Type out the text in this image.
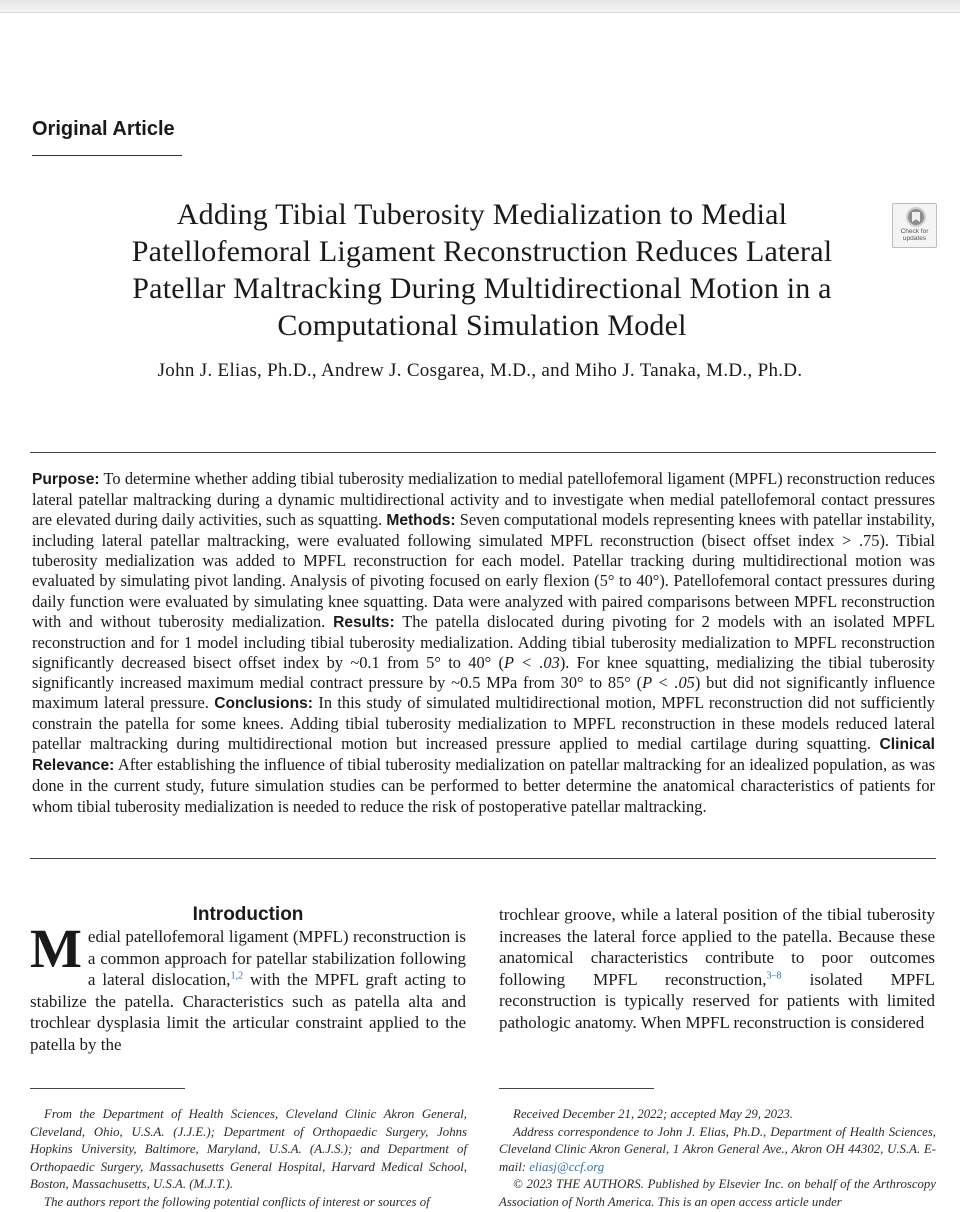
Original Article
Adding Tibial Tuberosity Medialization to Medial Patellofemoral Ligament Reconstruction Reduces Lateral Patellar Maltracking During Multidirectional Motion in a Computational Simulation Model
Check for
updates

John J. Elias, Ph.D., Andrew J. Cosgarea, M.D., and Miho J. Tanaka, M.D., Ph.D.

Purpose: To determine whether adding tibial tuberosity medialization to medial patellofemoral ligament (MPFL) reconstruction reduces lateral patellar maltracking during a dynamic multidirectional activity and to investigate when medial patellofemoral contact pressures are elevated during daily activities, such as squatting. Methods: Seven computational models representing knees with patellar instability, including lateral patellar maltracking, were evaluated following simulated MPFL reconstruction (bisect offset index > .75). Tibial tuberosity medialization was added to MPFL reconstruction for each model. Patellar tracking during multidirectional motion was evaluated by simulating pivot landing. Analysis of pivoting focused on early flexion (5° to 40°). Patellofemoral contact pressures during daily function were evaluated by simulating knee squatting. Data were analyzed with paired comparisons between MPFL reconstruction with and without tuberosity medialization. Results: The patella dislocated during pivoting for 2 models with an isolated MPFL reconstruction and for 1 model including tibial tuberosity medialization. Adding tibial tuberosity medialization to MPFL reconstruction significantly decreased bisect offset index by ~0.1 from 5° to 40° (P < .03). For knee squatting, medializing the tibial tuberosity significantly increased maximum medial contract pressure by ~0.5 MPa from 30° to 85° (P < .05) but did not significantly influence maximum lateral pressure. Conclusions: In this study of simulated multidirectional motion, MPFL reconstruction did not sufficiently constrain the patella for some knees. Adding tibial tuberosity medialization to MPFL reconstruction in these models reduced lateral patellar maltracking during multidirectional motion but increased pressure applied to medial cartilage during squatting. Clinical Relevance: After establishing the influence of tibial tuberosity medialization on patellar maltracking for an idealized population, as was done in the current study, future simulation studies can be performed to better determine the anatomical characteristics of patients for whom tibial tuberosity medialization is needed to reduce the risk of postoperative patellar maltracking.

Introduction

Medial patellofemoral ligament (MPFL) reconstruction is a common approach for patellar stabilization following a lateral dislocation,$^{1,2}$ with the MPFL graft acting to stabilize the patella. Characteristics such as patella alta and trochlear dysplasia limit the articular constraint applied to the patella by the

trochlear groove, while a lateral position of the tibial tuberosity increases the lateral force applied to the patella. Because these anatomical characteristics contribute to poor outcomes following MPFL reconstruction,$^{3-8}$ isolated MPFL reconstruction is typically reserved for patients with limited pathologic anatomy. When MPFL reconstruction is considered

From the Department of Health Sciences, Cleveland Clinic Akron General, Cleveland, Ohio, U.S.A. (J.J.E.); Department of Orthopaedic Surgery, Johns Hopkins University, Baltimore, Maryland, U.S.A. (A.J.S.); and Department of Orthopaedic Surgery, Massachusetts General Hospital, Harvard Medical School, Boston, Massachusetts, U.S.A. (M.J.T.).

The authors report the following potential conflicts of interest or sources of

Received December 21, 2022; accepted May 29, 2023.

Address correspondence to John J. Elias, Ph.D., Department of Health Sciences, Cleveland Clinic Akron General, 1 Akron General Ave., Akron OH 44302, U.S.A. E-mail: eliasj@ccf.org

© 2023 THE AUTHORS. Published by Elsevier Inc. on behalf of the Arthroscopy Association of North America. This is an open access article under
